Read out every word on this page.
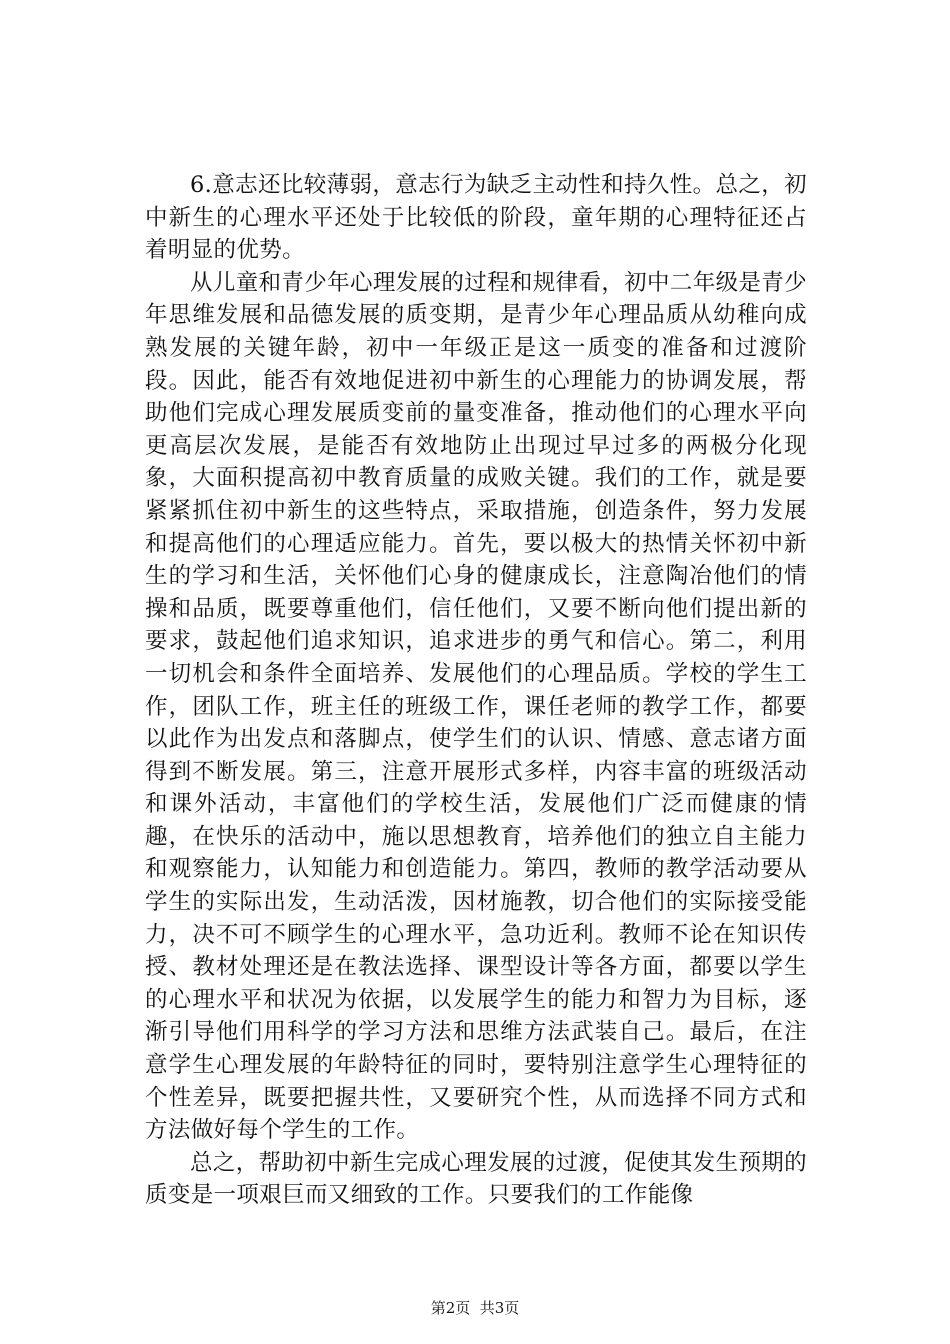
6.意志还比较薄弱，意志行为缺乏主动性和持久性。总之，初中新生的心理水平还处于比较低的阶段，童年期的心理特征还占着明显的优势。

从儿童和青少年心理发展的过程和规律看，初中二年级是青少年思维发展和品德发展的质变期，是青少年心理品质从幼稚向成熟发展的关键年龄，初中一年级正是这一质变的准备和过渡阶段。因此，能否有效地促进初中新生的心理能力的协调发展，帮助他们完成心理发展质变前的量变准备，推动他们的心理水平向更高层次发展，是能否有效地防止出现过早过多的两极分化现象，大面积提高初中教育质量的成败关键。我们的工作，就是要紧紧抓住初中新生的这些特点，采取措施，创造条件，努力发展和提高他们的心理适应能力。首先，要以极大的热情关怀初中新生的学习和生活，关怀他们心身的健康成长，注意陶冶他们的情操和品质，既要尊重他们，信任他们，又要不断向他们提出新的要求，鼓起他们追求知识，追求进步的勇气和信心。第二，利用一切机会和条件全面培养、发展他们的心理品质。学校的学生工作，团队工作，班主任的班级工作，课任老师的教学工作，都要以此作为出发点和落脚点，使学生们的认识、情感、意志诸方面得到不断发展。第三，注意开展形式多样，内容丰富的班级活动和课外活动，丰富他们的学校生活，发展他们广泛而健康的情趣，在快乐的活动中，施以思想教育，培养他们的独立自主能力和观察能力，认知能力和创造能力。第四，教师的教学活动要从学生的实际出发，生动活泼，因材施教，切合他们的实际接受能力，决不可不顾学生的心理水平，急功近利。教师不论在知识传授、教材处理还是在教法选择、课型设计等各方面，都要以学生的心理水平和状况为依据，以发展学生的能力和智力为目标，逐渐引导他们用科学的学习方法和思维方法武装自己。最后，在注意学生心理发展的年龄特征的同时，要特别注意学生心理特征的个性差异，既要把握共性，又要研究个性，从而选择不同方式和方法做好每个学生的工作。

总之，帮助初中新生完成心理发展的过渡，促使其发生预期的质变是一项艰巨而又细致的工作。只要我们的工作能像

第2页  共3页
